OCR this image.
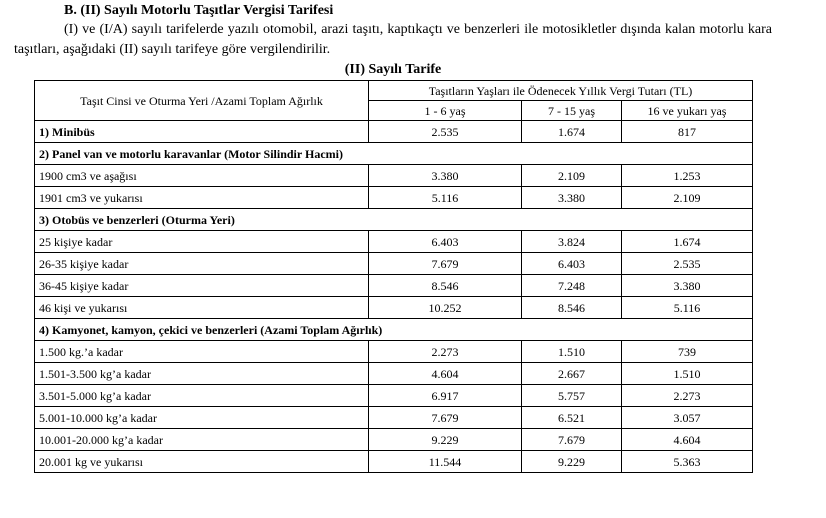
B. (II) Sayılı Motorlu Taşıtlar Vergisi Tarifesi
(I) ve (I/A) sayılı tarifelerde yazılı otomobil, arazi taşıtı, kaptıkaçtı ve benzerleri ile motosikletler dışında kalan motorlu kara taşıtları, aşağıdaki (II) sayılı tarifeye göre vergilendirilir.
(II) Sayılı Tarife
Taşıt Cinsi ve Oturma Yeri /Azami Toplam Ağırlık	Taşıtların Yaşları ile Ödenecek Yıllık Vergi Tutarı (TL)		
	1 - 6 yaş	7 - 15 yaş	16 ve yukarı yaş
1) Minibüs	2.535	1.674	817
2) Panel van ve motorlu karavanlar (Motor Silindir Hacmi)			
1900 cm3 ve aşağısı	3.380	2.109	1.253
1901 cm3 ve yukarısı	5.116	3.380	2.109
3) Otobüs ve benzerleri (Oturma Yeri)			
25 kişiye kadar	6.403	3.824	1.674
26-35 kişiye kadar	7.679	6.403	2.535
36-45 kişiye kadar	8.546	7.248	3.380
46 kişi ve yukarısı	10.252	8.546	5.116
4) Kamyonet, kamyon, çekici ve benzerleri (Azami Toplam Ağırlık)			
1.500 kg.’a kadar	2.273	1.510	739
1.501-3.500 kg’a kadar	4.604	2.667	1.510
3.501-5.000 kg’a kadar	6.917	5.757	2.273
5.001-10.000 kg’a kadar	7.679	6.521	3.057
10.001-20.000 kg’a kadar	9.229	7.679	4.604
20.001 kg ve yukarısı	11.544	9.229	5.363
